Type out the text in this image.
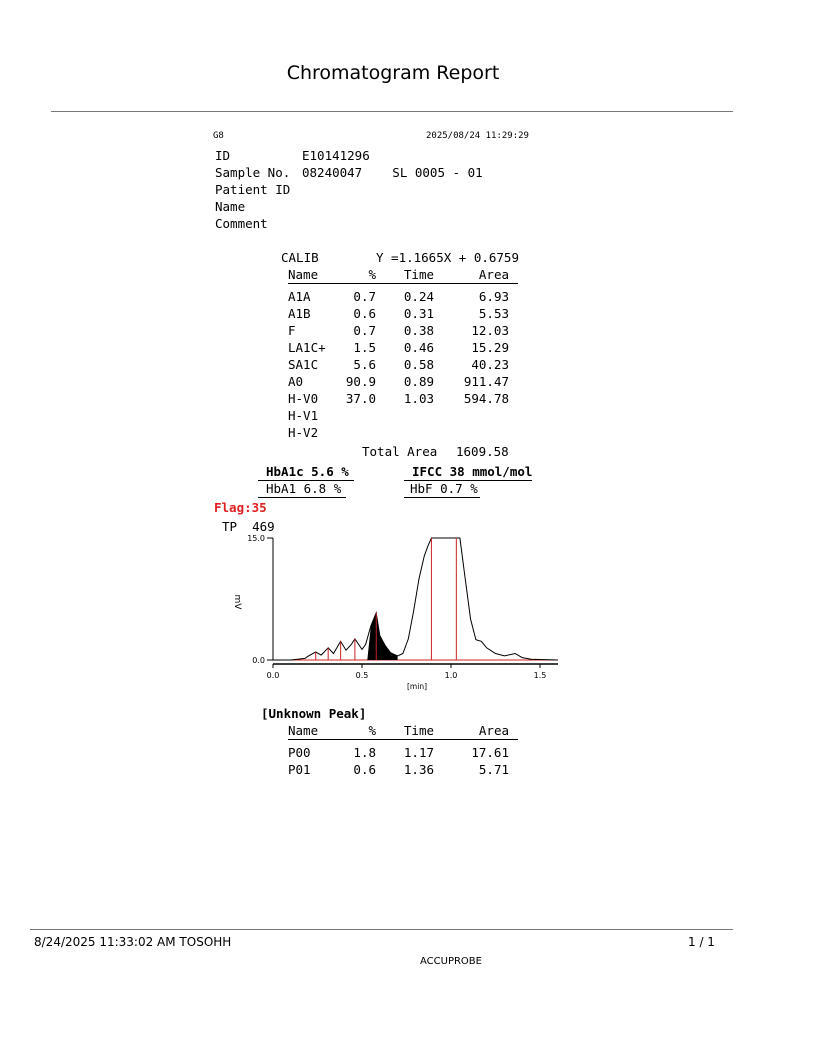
Chromatogram Report
G8	2025/08/24 11:29:29
ID	E10141296
Sample No. 08240047    SL 0005 - 01
Patient ID
Name
Comment
CALIB	Y =1.1665X + 0.6759
Name	% Time	Area
A1A	0.7 0.24	6.93
A1B	0.6 0.31	5.53
F	0.7 0.38	12.03
LA1C+ 1.5 0.46	15.29
SA1C	5.6 0.58	40.23
A0	90.9 0.89 911.47
H-V0 37.0 1.03 594.78
H-V1
H-V2
Total Area 1609.58
HbA1c 5.6 %	IFCC 38 mmol/mol
HbA1 6.8 %	HbF 0.7 %
Flag:35
TP  469
15.0
0.0
mV
0.0	0.5	1.0	1.5
[min]
[Unknown Peak]
Name	% Time	Area
P00	1.8 1.17	17.61
P01	0.6 1.36	5.71
8/24/2025 11:33:02 AM TOSOHH	1 / 1
ACCUPROBE
